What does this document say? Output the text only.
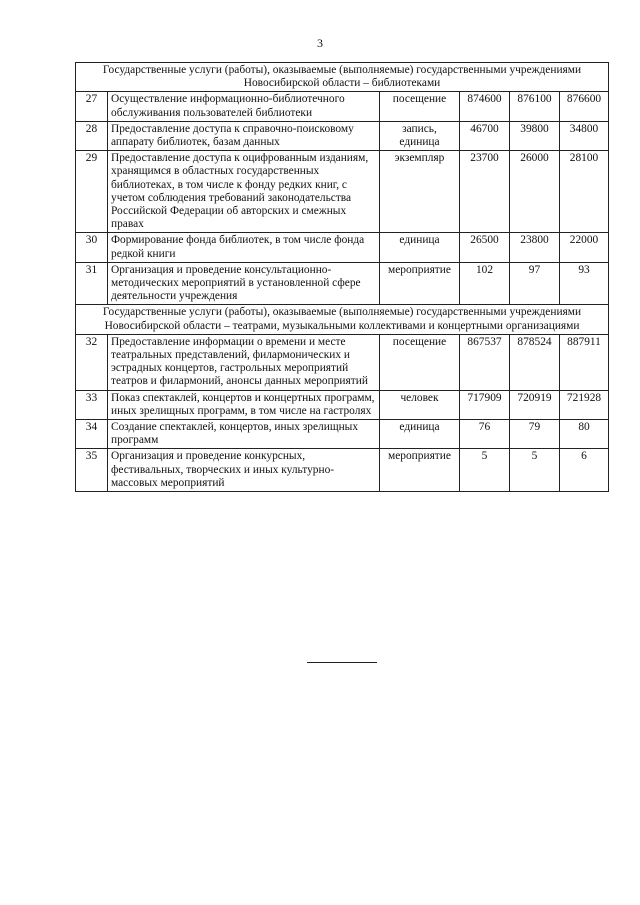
3
Государственные услуги (работы), оказываемые (выполняемые) государственными учреждениями Новосибирской области – библиотеками					
27	Осуществление информационно-библиотечного обслуживания пользователей библиотеки	посещение	874600	876100	876600
28	Предоставление доступа к справочно-поисковому аппарату библиотек, базам данных	запись, единица	46700	39800	34800
29	Предоставление доступа к оцифрованным изданиям, хранящимся в областных государственных библиотеках, в том числе к фонду редких книг, с учетом соблюдения требований законодательства Российской Федерации об авторских и смежных правах	экземпляр	23700	26000	28100
30	Формирование фонда библиотек, в том числе фонда редкой книги	единица	26500	23800	22000
31	Организация и проведение консультационно-методических мероприятий в установленной сфере деятельности учреждения	мероприятие	102	97	93
Государственные услуги (работы), оказываемые (выполняемые) государственными учреждениями Новосибирской области – театрами, музыкальными коллективами и концертными организациями					
32	Предоставление информации о времени и месте театральных представлений, филармонических и эстрадных концертов, гастрольных мероприятий театров и филармоний, анонсы данных мероприятий	посещение	867537	878524	887911
33	Показ спектаклей, концертов и концертных программ, иных зрелищных программ, в том числе на гастролях	человек	717909	720919	721928
34	Создание спектаклей, концертов, иных зрелищных программ	единица	76	79	80
35	Организация и проведение конкурсных, фестивальных, творческих и иных культурно-массовых мероприятий	мероприятие	5	5	6
